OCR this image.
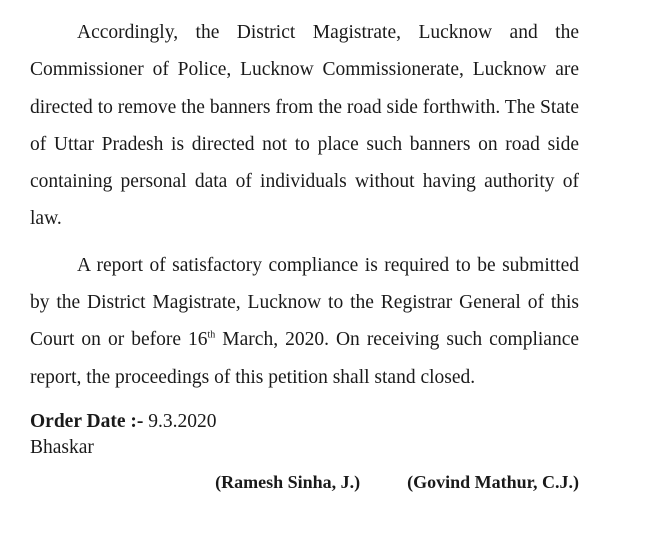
Accordingly, the District Magistrate, Lucknow and the Commissioner of Police, Lucknow Commissionerate, Lucknow are directed to remove the banners from the road side forthwith. The State of Uttar Pradesh is directed not to place such banners on road side containing personal data of individuals without having authority of law.

A report of satisfactory compliance is required to be submitted by the District Magistrate, Lucknow to the Registrar General of this Court on or before 16th March, 2020. On receiving such compliance report, the proceedings of this petition shall stand closed.

Order Date :- 9.3.2020
Bhaskar
(Ramesh Sinha, J.)	(Govind Mathur, C.J.)
